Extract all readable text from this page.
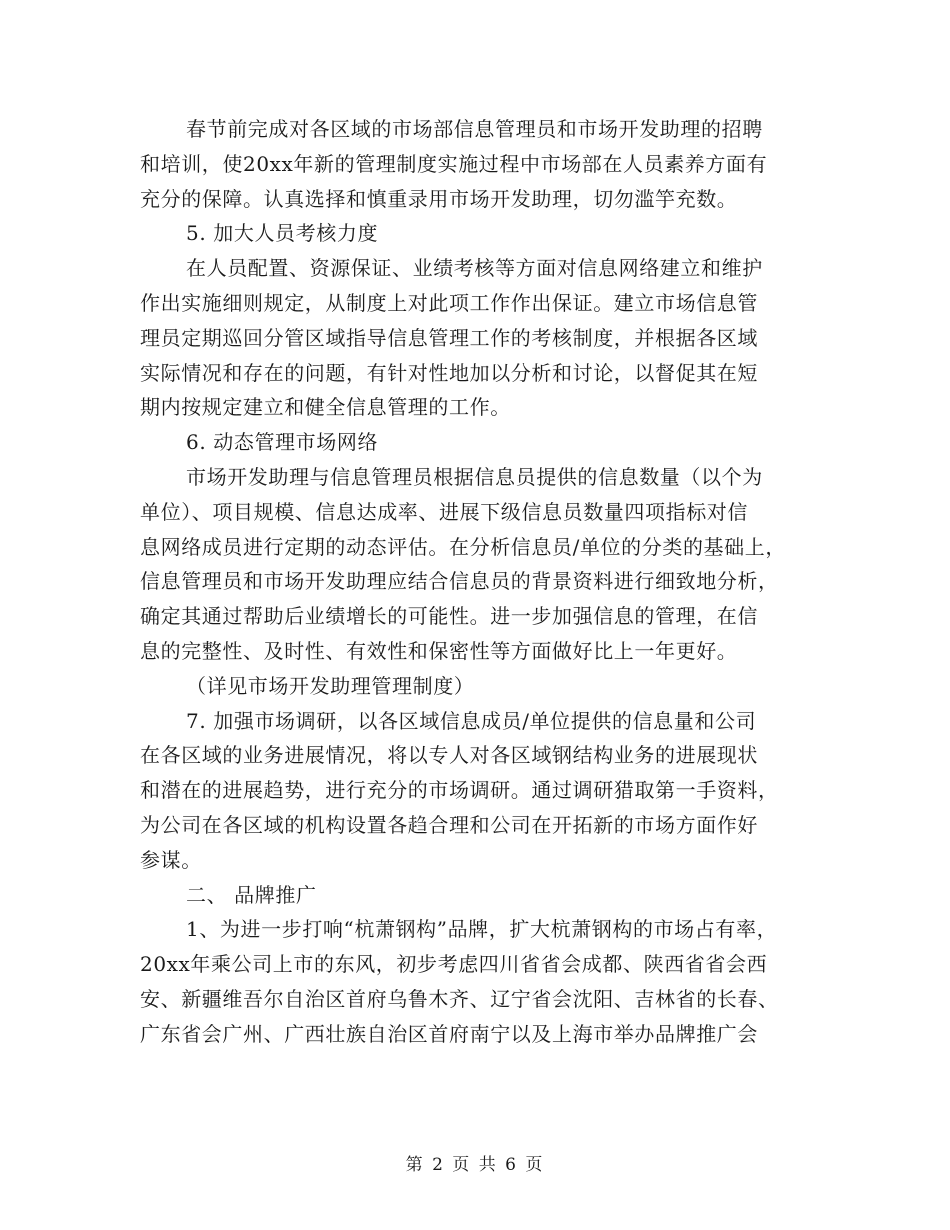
春节前完成对各区域的市场部信息管理员和市场开发助理的招聘
和培训，使20xx年新的管理制度实施过程中市场部在人员素养方面有
充分的保障。认真选择和慎重录用市场开发助理，切勿滥竽充数。
5. 加大人员考核力度
在人员配置、资源保证、业绩考核等方面对信息网络建立和维护
作出实施细则规定，从制度上对此项工作作出保证。建立市场信息管
理员定期巡回分管区域指导信息管理工作的考核制度，并根据各区域
实际情况和存在的问题，有针对性地加以分析和讨论，以督促其在短
期内按规定建立和健全信息管理的工作。
6. 动态管理市场网络
市场开发助理与信息管理员根据信息员提供的信息数量（以个为
单位）、项目规模、信息达成率、进展下级信息员数量四项指标对信
息网络成员进行定期的动态评估。在分析信息员/单位的分类的基础上，
信息管理员和市场开发助理应结合信息员的背景资料进行细致地分析，
确定其通过帮助后业绩增长的可能性。进一步加强信息的管理，在信
息的完整性、及时性、有效性和保密性等方面做好比上一年更好。
（详见市场开发助理管理制度）
7. 加强市场调研，以各区域信息成员/单位提供的信息量和公司
在各区域的业务进展情况，将以专人对各区域钢结构业务的进展现状
和潜在的进展趋势，进行充分的市场调研。通过调研猎取第一手资料，
为公司在各区域的机构设置各趋合理和公司在开拓新的市场方面作好
参谋。
二、 品牌推广
1、为进一步打响“杭萧钢构”品牌，扩大杭萧钢构的市场占有率，
20xx年乘公司上市的东风，初步考虑四川省省会成都、陕西省省会西
安、新疆维吾尔自治区首府乌鲁木齐、辽宁省会沈阳、吉林省的长春、
广东省会广州、广西壮族自治区首府南宁以及上海市举办品牌推广会
第 2 页 共 6 页
